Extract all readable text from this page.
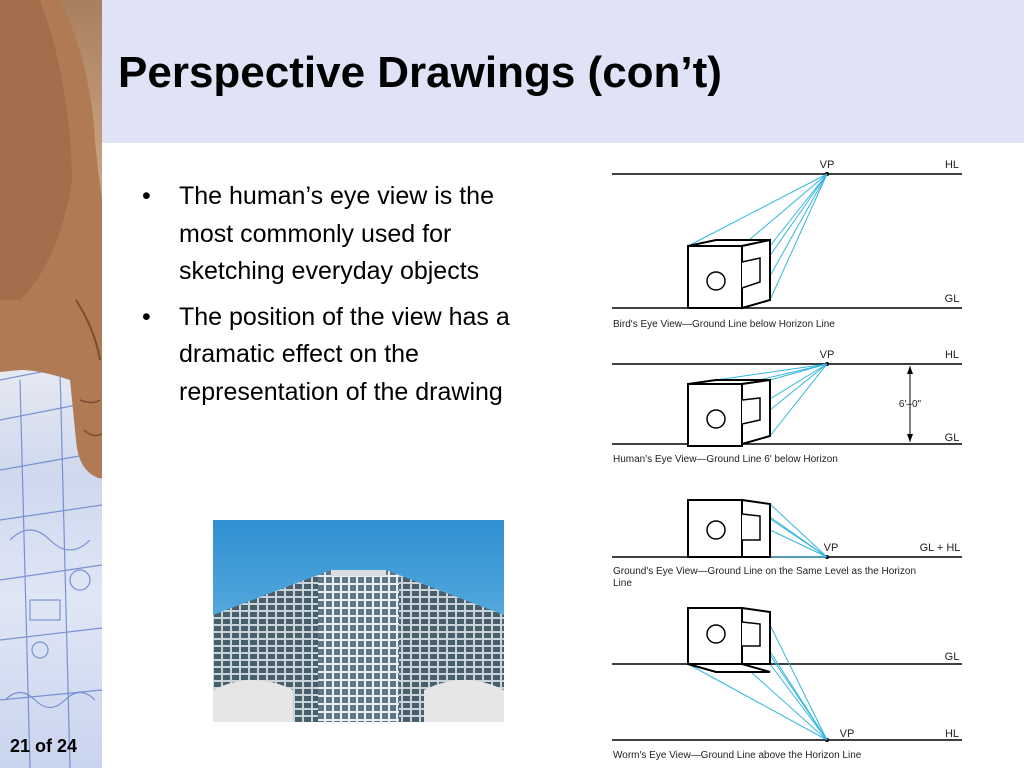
Perspective Drawings (con’t)
• The human’s eye view is the most commonly used for sketching everyday objects
• The position of the view has a dramatic effect on the representation of the drawing
VP	HL
GL
Bird's Eye View—Ground Line below Horizon Line
VP	HL
GL
6'–0"
Human's Eye View—Ground Line 6' below Horizon
VP	GL + HL
Ground's Eye View—Ground Line on the Same Level as the Horizon
Line
VP
GL
HL
Worm's Eye View—Ground Line above the Horizon Line
21 of 24
